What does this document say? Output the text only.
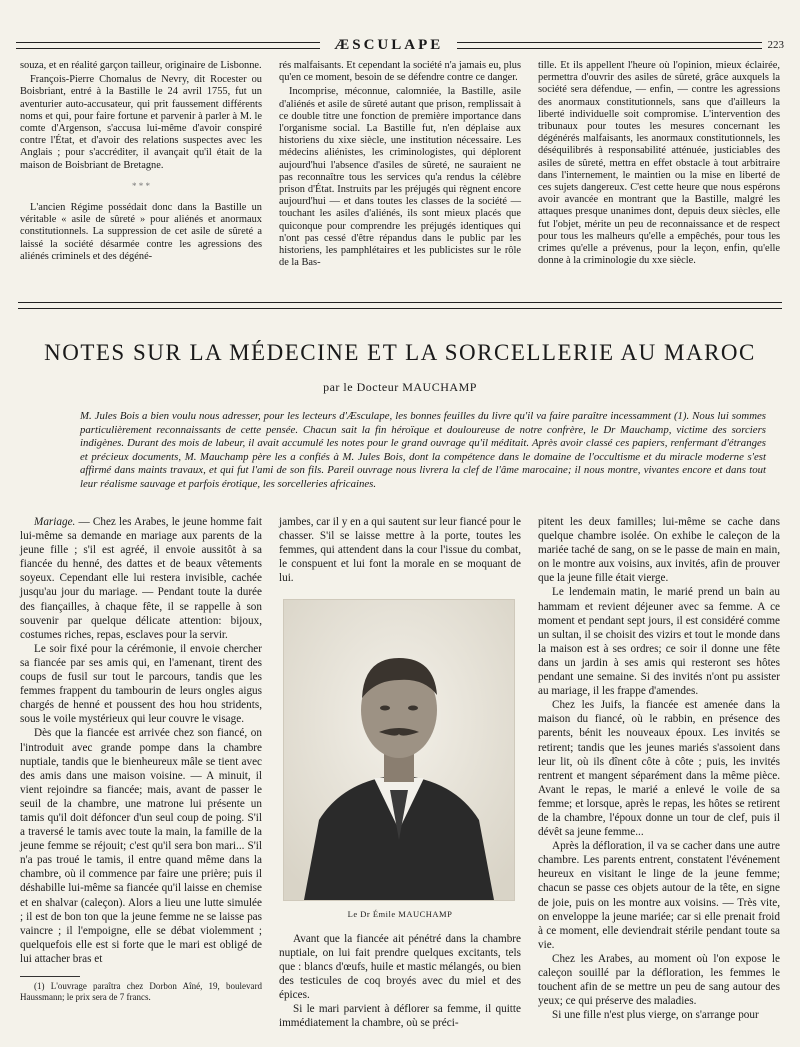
ÆSCULAPE	223

souza, et en réalité garçon tailleur, originaire de Lisbonne.

François-Pierre Chomalus de Nevry, dit Rocester ou Boisbriant, entré à la Bastille le 24 avril 1755, fut un aventurier auto-accusateur, qui prit faussement différents noms et qui, pour faire fortune et parvenir à parler à M. le comte d'Argenson, s'accusa lui-même d'avoir conspiré contre l'État, et d'avoir des relations suspectes avec les Anglais ; pour s'accréditer, il avançait qu'il était de la maison de Boisbriant de Bretagne.

* * *

L'ancien Régime possédait donc dans la Bastille un véritable « asile de sûreté » pour aliénés et anormaux constitutionnels. La suppression de cet asile de sûreté a laissé la société désarmée contre les agressions des aliénés criminels et des dégéné-

rés malfaisants. Et cependant la société n'a jamais eu, plus qu'en ce moment, besoin de se défendre contre ce danger.

Incomprise, méconnue, calomniée, la Bastille, asile d'aliénés et asile de sûreté autant que prison, remplissait à ce double titre une fonction de première importance dans l'organisme social. La Bastille fut, n'en déplaise aux historiens du xixe siècle, une institution nécessaire. Les médecins aliénistes, les criminologistes, qui déplorent aujourd'hui l'absence d'asiles de sûreté, ne sauraient ne pas reconnaître tous les services qu'a rendus la célèbre prison d'État. Instruits par les préjugés qui règnent encore aujourd'hui — et dans toutes les classes de la société — touchant les asiles d'aliénés, ils sont mieux placés que quiconque pour comprendre les préjugés identiques qui n'ont pas cessé d'être répandus dans le public par les historiens, les pamphlétaires et les publicistes sur le rôle de la Bas-

tille. Et ils appellent l'heure où l'opinion, mieux éclairée, permettra d'ouvrir des asiles de sûreté, grâce auxquels la société sera défendue, — enfin, — contre les agressions des anormaux constitutionnels, sans que d'ailleurs la liberté individuelle soit compromise. L'intervention des tribunaux pour toutes les mesures concernant les dégénérés malfaisants, les anormaux constitutionnels, les déséquilibrés à responsabilité atténuée, justiciables des asiles de sûreté, mettra en effet obstacle à tout arbitraire dans l'internement, le maintien ou la mise en liberté de ces sujets dangereux. C'est cette heure que nous espérons avoir avancée en montrant que la Bastille, malgré les attaques presque unanimes dont, depuis deux siècles, elle fut l'objet, mérite un peu de reconnaissance et de respect pour tous les malheurs qu'elle a empêchés, pour tous les crimes qu'elle a prévenus, pour la leçon, enfin, qu'elle donne à la criminologie du xxe siècle.

NOTES SUR LA MÉDECINE ET LA SORCELLERIE AU MAROC
par le Docteur MAUCHAMP

M. Jules Bois a bien voulu nous adresser, pour les lecteurs d'Æsculape, les bonnes feuilles du livre qu'il va faire paraître incessamment (1). Nous lui sommes particulièrement reconnaissants de cette pensée. Chacun sait la fin héroïque et douloureuse de notre confrère, le Dr Mauchamp, victime des sorciers indigènes. Durant des mois de labeur, il avait accumulé les notes pour le grand ouvrage qu'il méditait. Après avoir classé ces papiers, renfermant d'étranges et précieux documents, M. Mauchamp père les a confiés à M. Jules Bois, dont la compétence dans le domaine de l'occultisme et du miracle moderne s'est affirmé dans maints travaux, et qui fut l'ami de son fils. Pareil ouvrage nous livrera la clef de l'âme marocaine; il nous montre, vivantes encore et dans tout leur réalisme sauvage et parfois érotique, les sorcelleries africaines.

Mariage. — Chez les Arabes, le jeune homme fait lui-même sa demande en mariage aux parents de la jeune fille ; s'il est agréé, il envoie aussitôt à sa fiancée du henné, des dattes et de beaux vêtements soyeux. Cependant elle lui restera invisible, cachée jusqu'au jour du mariage. — Pendant toute la durée des fiançailles, à chaque fête, il se rappelle à son souvenir par quelque délicate attention: bijoux, costumes riches, repas, esclaves pour la servir.

Le soir fixé pour la cérémonie, il envoie chercher sa fiancée par ses amis qui, en l'amenant, tirent des coups de fusil sur tout le parcours, tandis que les femmes frappent du tambourin de leurs ongles aigus chargés de henné et poussent des hou hou stridents, sous le voile mystérieux qui leur couvre le visage.

Dès que la fiancée est arrivée chez son fiancé, on l'introduit avec grande pompe dans la chambre nuptiale, tandis que le bienheureux mâle se tient avec des amis dans une maison voisine. — A minuit, il vient rejoindre sa fiancée; mais, avant de passer le seuil de la chambre, une matrone lui présente un tamis qu'il doit défoncer d'un seul coup de poing. S'il a traversé le tamis avec toute la main, la famille de la jeune femme se réjouit; c'est qu'il sera bon mari... S'il n'a pas troué le tamis, il entre quand même dans la chambre, où il commence par faire une prière; puis il déshabille lui-même sa fiancée qu'il laisse en chemise et en shalvar (caleçon). Alors a lieu une lutte simulée ; il est de bon ton que la jeune femme ne se laisse pas vaincre ; il l'empoigne, elle se débat violemment ; quelquefois elle est si forte que le mari est obligé de lui attacher bras et

(1) L'ouvrage paraîtra chez Dorbon Aîné, 19, boulevard Haussmann; le prix sera de 7 francs.

jambes, car il y en a qui sautent sur leur fiancé pour le chasser. S'il se laisse mettre à la porte, toutes les femmes, qui attendent dans la cour l'issue du combat, le conspuent et lui font la morale en se moquant de lui.

Le Dr Émile MAUCHAMP

Avant que la fiancée ait pénétré dans la chambre nuptiale, on lui fait prendre quelques excitants, tels que : blancs d'œufs, huile et mastic mélangés, ou bien des testicules de coq broyés avec du miel et des épices.

Si le mari parvient à déflorer sa femme, il quitte immédiatement la chambre, où se préci-

pitent les deux familles; lui-même se cache dans quelque chambre isolée. On exhibe le caleçon de la mariée taché de sang, on se le passe de main en main, on le montre aux voisins, aux invités, afin de prouver que la jeune fille était vierge.

Le lendemain matin, le marié prend un bain au hammam et revient déjeuner avec sa femme. A ce moment et pendant sept jours, il est considéré comme un sultan, il se choisit des vizirs et tout le monde dans la maison est à ses ordres; ce soir il donne une fête dans un jardin à ses amis qui resteront ses hôtes pendant une semaine. Si des invités n'ont pu assister au mariage, il les frappe d'amendes.

Chez les Juifs, la fiancée est amenée dans la maison du fiancé, où le rabbin, en présence des parents, bénit les nouveaux époux. Les invités se retirent; tandis que les jeunes mariés s'assoient dans leur lit, où ils dînent côte à côte ; puis, les invités rentrent et mangent séparément dans la même pièce. Avant le repas, le marié a enlevé le voile de sa femme; et lorsque, après le repas, les hôtes se retirent de la chambre, l'époux donne un tour de clef, puis il dévêt sa jeune femme...

Après la défloration, il va se cacher dans une autre chambre. Les parents entrent, constatent l'événement heureux en visitant le linge de la jeune femme; chacun se passe ces objets autour de la tête, en signe de joie, puis on les montre aux voisins. — Très vite, on enveloppe la jeune mariée; car si elle prenait froid à ce moment, elle deviendrait stérile pendant toute sa vie.

Chez les Arabes, au moment où l'on expose le caleçon souillé par la défloration, les femmes le touchent afin de se mettre un peu de sang autour des yeux; ce qui préserve des maladies.

Si une fille n'est plus vierge, on s'arrange pour
